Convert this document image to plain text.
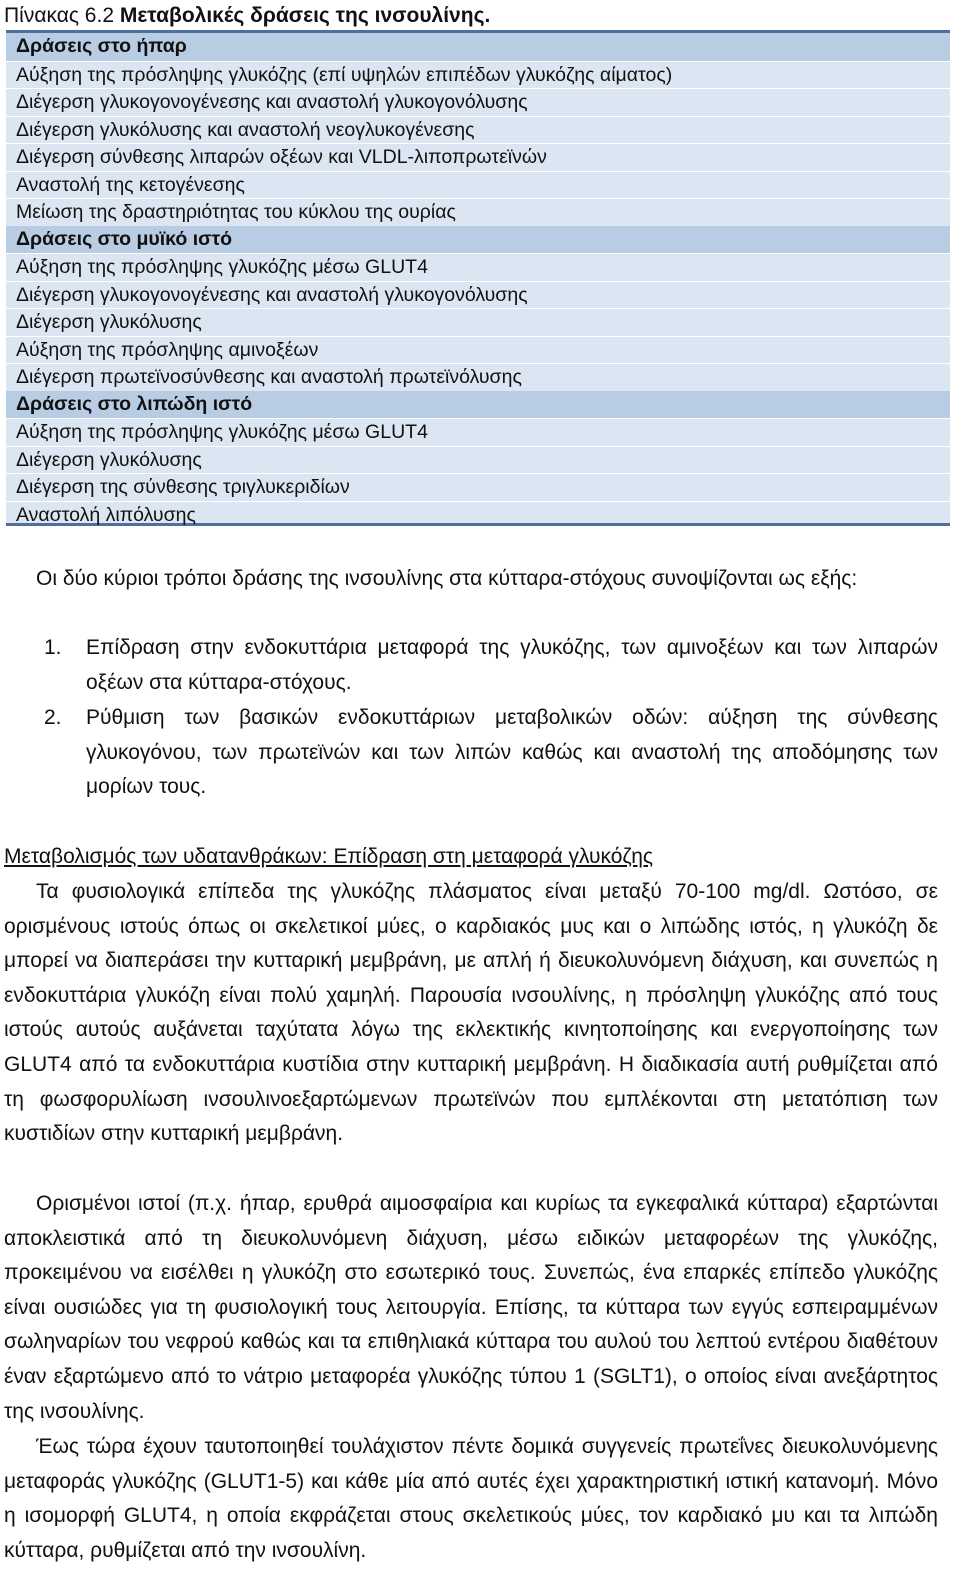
Πίνακας 6.2 Μεταβολικές δράσεις της ινσουλίνης.
Δράσεις στο ήπαρ
Αύξηση της πρόσληψης γλυκόζης (επί υψηλών επιπέδων γλυκόζης αίματος)
Διέγερση γλυκογονογένεσης και αναστολή γλυκογονόλυσης
Διέγερση γλυκόλυσης και αναστολή νεογλυκογένεσης
Διέγερση σύνθεσης λιπαρών οξέων και VLDL-λιποπρωτεϊνών
Αναστολή της κετογένεσης
Μείωση της δραστηριότητας του κύκλου της ουρίας
Δράσεις στο μυϊκό ιστό
Αύξηση της πρόσληψης γλυκόζης μέσω GLUT4
Διέγερση γλυκογονογένεσης και αναστολή γλυκογονόλυσης
Διέγερση γλυκόλυσης
Αύξηση της πρόσληψης αμινοξέων
Διέγερση πρωτεϊνοσύνθεσης και αναστολή πρωτεϊνόλυσης
Δράσεις στο λιπώδη ιστό
Αύξηση της πρόσληψης γλυκόζης μέσω GLUT4
Διέγερση γλυκόλυσης
Διέγερση της σύνθεσης τριγλυκεριδίων
Αναστολή λιπόλυσης
Οι δύο κύριοι τρόποι δράσης της ινσουλίνης στα κύτταρα-στόχους συνοψίζονται ως εξής:
1. Επίδραση στην ενδοκυττάρια μεταφορά της γλυκόζης, των αμινοξέων και των λιπαρών οξέων στα κύτταρα-στόχους.
2. Ρύθμιση των βασικών ενδοκυττάριων μεταβολικών οδών: αύξηση της σύνθεσης γλυκογόνου, των πρωτεϊνών και των λιπών καθώς και αναστολή της αποδόμησης των μορίων τους.
Μεταβολισμός των υδατανθράκων: Επίδραση στη μεταφορά γλυκόζης
Τα φυσιολογικά επίπεδα της γλυκόζης πλάσματος είναι μεταξύ 70-100 mg/dl. Ωστόσο, σε ορισμένους ιστούς όπως οι σκελετικοί μύες, ο καρδιακός μυς και ο λιπώδης ιστός, η γλυκόζη δε μπορεί να διαπεράσει την κυτταρική μεμβράνη, με απλή ή διευκολυνόμενη διάχυση, και συνεπώς η ενδοκυττάρια γλυκόζη είναι πολύ χαμηλή. Παρουσία ινσουλίνης, η πρόσληψη γλυκόζης από τους ιστούς αυτούς αυξάνεται ταχύτατα λόγω της εκλεκτικής κινητοποίησης και ενεργοποίησης των GLUT4 από τα ενδοκυττάρια κυστίδια στην κυτταρική μεμβράνη. Η διαδικασία αυτή ρυθμίζεται από τη φωσφορυλίωση ινσουλινοεξαρτώμενων πρωτεϊνών που εμπλέκονται στη μετατόπιση των κυστιδίων στην κυτταρική μεμβράνη.
Ορισμένοι ιστοί (π.χ. ήπαρ, ερυθρά αιμοσφαίρια και κυρίως τα εγκεφαλικά κύτταρα) εξαρτώνται αποκλειστικά από τη διευκολυνόμενη διάχυση, μέσω ειδικών μεταφορέων της γλυκόζης, προκειμένου να εισέλθει η γλυκόζη στο εσωτερικό τους. Συνεπώς, ένα επαρκές επίπεδο γλυκόζης είναι ουσιώδες για τη φυσιολογική τους λειτουργία. Επίσης, τα κύτταρα των εγγύς εσπειραμμένων σωληναρίων του νεφρού καθώς και τα επιθηλιακά κύτταρα του αυλού του λεπτού εντέρου διαθέτουν έναν εξαρτώμενο από το νάτριο μεταφορέα γλυκόζης τύπου 1 (SGLT1), ο οποίος είναι ανεξάρτητος της ινσουλίνης.
Έως τώρα έχουν ταυτοποιηθεί τουλάχιστον πέντε δομικά συγγενείς πρωτεΐνες διευκολυνόμενης μεταφοράς γλυκόζης (GLUT1-5) και κάθε μία από αυτές έχει χαρακτηριστική ιστική κατανομή. Μόνο η ισομορφή GLUT4, η οποία εκφράζεται στους σκελετικούς μύες, τον καρδιακό μυ και τα λιπώδη κύτταρα, ρυθμίζεται από την ινσουλίνη.
